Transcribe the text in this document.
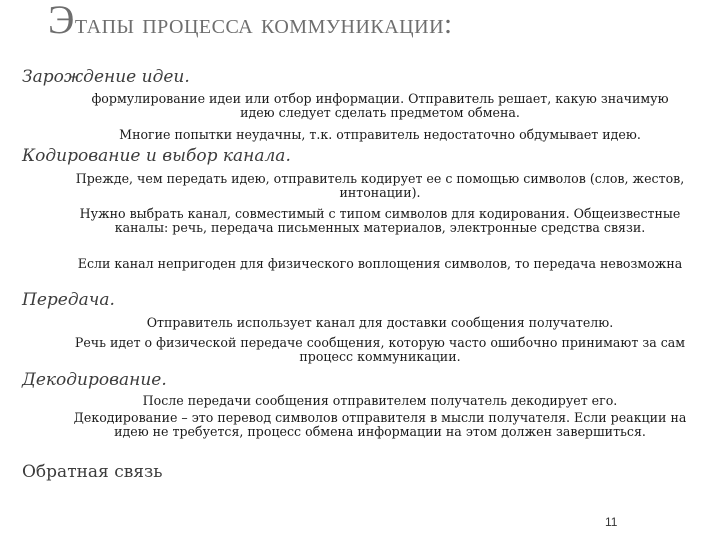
Этапы процесса коммуникации:
Зарождение идеи.
формулирование идеи или отбор информации. Отправитель решает, какую значимую идею следует сделать предметом обмена.
Многие попытки неудачны, т.к. отправитель недостаточно обдумывает идею.
Кодирование и выбор канала.
Прежде, чем передать идею, отправитель кодирует ее с помощью символов (слов, жестов, интонации).
Нужно выбрать канал, совместимый с типом символов для кодирования. Общеизвестные каналы: речь, передача письменных материалов, электронные средства связи.
Если канал непригоден для физического воплощения символов, то передача невозможна
Передача.
Отправитель использует канал для доставки сообщения получателю.
Речь идет о физической передаче сообщения, которую часто ошибочно принимают за сам процесс коммуникации.
Декодирование.
После передачи сообщения отправителем получатель декодирует его.
Декодирование – это перевод символов отправителя в мысли получателя. Если реакции на идею не требуется, процесс обмена информации на этом должен завершиться.
Обратная связь
11
